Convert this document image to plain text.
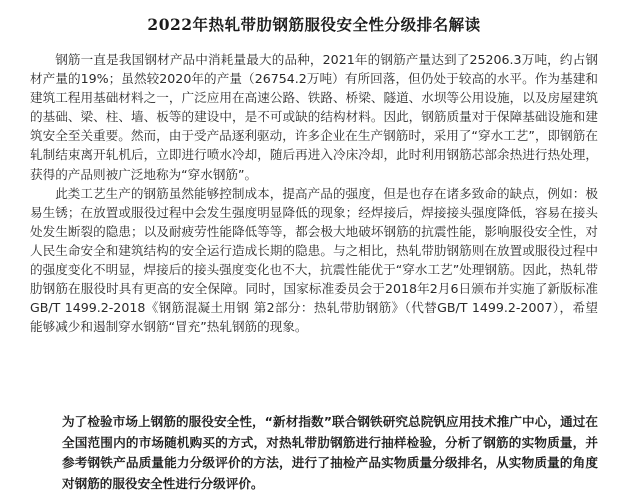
2022年热轧带肋钢筋服役安全性分级排名解读

钢筋一直是我国钢材产品中消耗量最大的品种，2021年的钢筋产量达到了25206.3万吨，约占钢材产量的19%；虽然较2020年的产量（26754.2万吨）有所回落，但仍处于较高的水平。作为基建和建筑工程用基础材料之一，广泛应用在高速公路、铁路、桥梁、隧道、水坝等公用设施，以及房屋建筑的基础、梁、柱、墙、板等的建设中，是不可或缺的结构材料。因此，钢筋质量对于保障基础设施和建筑安全至关重要。然而，由于受产品逐利驱动，许多企业在生产钢筋时，采用了“穿水工艺”，即钢筋在轧制结束离开轧机后，立即进行喷水冷却，随后再进入冷床冷却，此时利用钢筋芯部余热进行热处理，获得的产品则被广泛地称为“穿水钢筋”。

此类工艺生产的钢筋虽然能够控制成本，提高产品的强度，但是也存在诸多致命的缺点，例如：极易生锈；在放置或服役过程中会发生强度明显降低的现象；经焊接后，焊接接头强度降低，容易在接头处发生断裂的隐患；以及耐疲劳性能降低等等，都会极大地破坏钢筋的抗震性能，影响服役安全性，对人民生命安全和建筑结构的安全运行造成长期的隐患。与之相比，热轧带肋钢筋则在放置或服役过程中的强度变化不明显，焊接后的接头强度变化也不大，抗震性能优于“穿水工艺”处理钢筋。因此，热轧带肋钢筋在服役时具有更高的安全保障。同时，国家标准委员会于2018年2月6日颁布并实施了新版标准GB/T 1499.2-2018《钢筋混凝土用钢 第2部分：热轧带肋钢筋》（代替GB/T 1499.2-2007），希望能够减少和遏制穿水钢筋“冒充”热轧钢筋的现象。

为了检验市场上钢筋的服役安全性，“新材指数”联合钢铁研究总院钒应用技术推广中心，通过在全国范围内的市场随机购买的方式，对热轧带肋钢筋进行抽样检验，分析了钢筋的实物质量，并参考钢铁产品质量能力分级评价的方法，进行了抽检产品实物质量分级排名，从实物质量的角度对钢筋的服役安全性进行分级评价。
